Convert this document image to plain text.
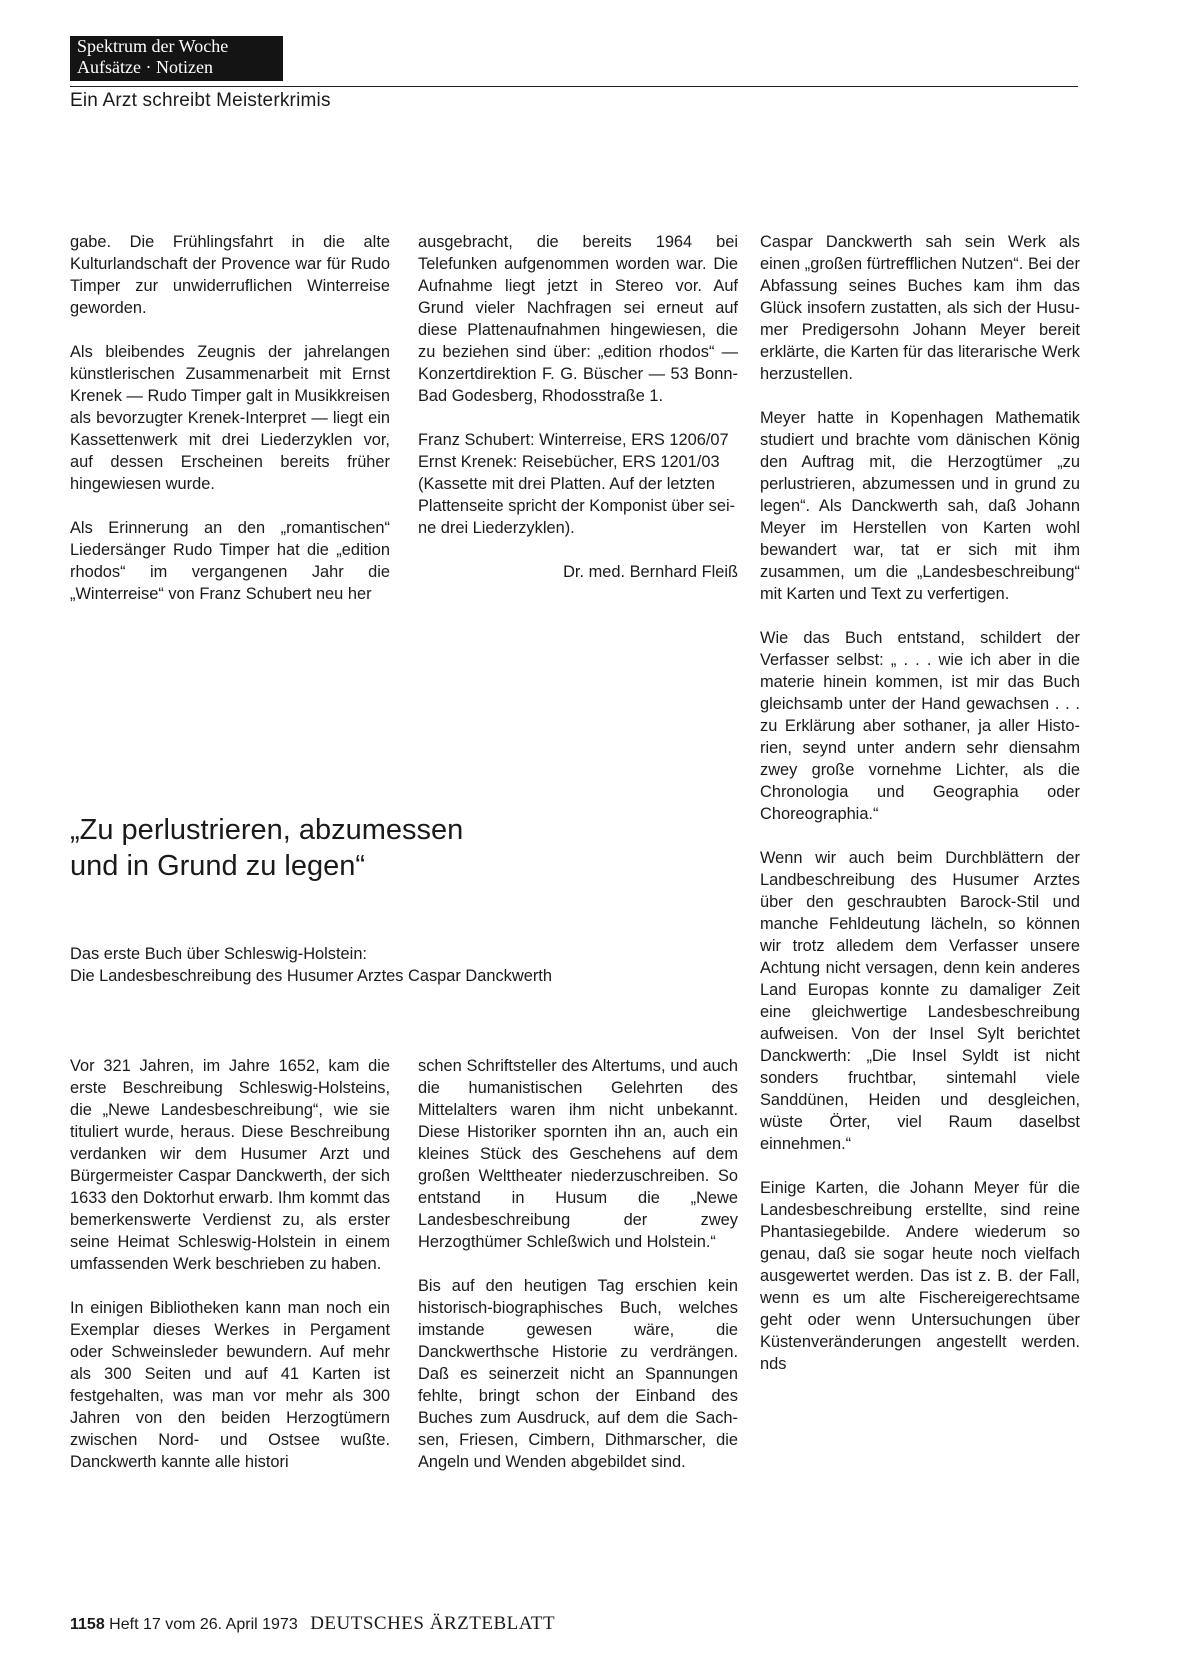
Spektrum der Woche
Aufsätze · Notizen
Ein Arzt schreibt Meisterkrimis

gabe. Die Frühlingsfahrt in die alte Kulturlandschaft der Provence war für Rudo Timper zur unwiderruflichen Winterreise geworden.

Als bleibendes Zeugnis der jahrelangen künstlerischen Zusammenarbeit mit Ernst Krenek — Rudo Timper galt in Musikkreisen als bevorzugter Krenek-Interpret — liegt ein Kassettenwerk mit drei Liederzyklen vor, auf dessen Erscheinen bereits früher hingewiesen wurde.

Als Erinnerung an den „romantischen“ Liedersänger Rudo Timper hat die „edition rhodos“ im vergangenen Jahr die „Winterreise“ von Franz Schubert neu her

ausgebracht, die bereits 1964 bei Telefunken aufgenommen worden war. Die Aufnahme liegt jetzt in Stereo vor. Auf Grund vieler Nachfragen sei erneut auf diese Plattenaufnahmen hingewiesen, die zu beziehen sind über: „edition rhodos“ — Konzertdirektion F. G. Büscher — 53 Bonn-Bad Godesberg, Rhodosstraße 1.

Franz Schubert: Winterreise, ERS 1206/07 Ernst Krenek: Reisebücher, ERS 1201/03 (Kassette mit drei Platten. Auf der letzten Plattenseite spricht der Komponist über seine drei Liederzyklen).

Dr. med. Bernhard Fleiß

„Zu perlustrieren, abzumessen
und in Grund zu legen“
Das erste Buch über Schleswig-Holstein:
Die Landesbeschreibung des Husumer Arztes Caspar Danckwerth

Vor 321 Jahren, im Jahre 1652, kam die erste Beschreibung Schleswig-Holsteins, die „Newe Landesbeschreibung“, wie sie tituliert wurde, heraus. Diese Beschreibung verdanken wir dem Husumer Arzt und Bürgermeister Caspar Danckwerth, der sich 1633 den Doktorhut erwarb. Ihm kommt das bemerkenswerte Verdienst zu, als erster seine Heimat Schleswig-Holstein in einem umfassenden Werk beschrieben zu haben.

In einigen Bibliotheken kann man noch ein Exemplar dieses Werkes in Pergament oder Schweinsleder bewundern. Auf mehr als 300 Seiten und auf 41 Karten ist festgehalten, was man vor mehr als 300 Jahren von den beiden Herzogtümern zwischen Nord- und Ostsee wußte. Danckwerth kannte alle histori

schen Schriftsteller des Altertums, und auch die humanistischen Gelehrten des Mittelalters waren ihm nicht unbekannt. Diese Historiker spornten ihn an, auch ein kleines Stück des Geschehens auf dem großen Welttheater niederzuschreiben. So entstand in Husum die „Newe Landesbeschreibung der zwey Herzogthümer Schleßwich und Holstein.“

Bis auf den heutigen Tag erschien kein historisch-biographisches Buch, welches imstande gewesen wäre, die Danckwerthsche Historie zu verdrängen. Daß es seinerzeit nicht an Spannungen fehlte, bringt schon der Einband des Buches zum Ausdruck, auf dem die Sachsen, Friesen, Cimbern, Dithmarscher, die Angeln und Wenden abgebildet sind.

Caspar Danckwerth sah sein Werk als einen „großen fürtrefflichen Nutzen“. Bei der Abfassung seines Buches kam ihm das Glück insofern zustatten, als sich der Husumer Predigersohn Johann Meyer bereit erklärte, die Karten für das literarische Werk herzustellen.

Meyer hatte in Kopenhagen Mathematik studiert und brachte vom dänischen König den Auftrag mit, die Herzogtümer „zu perlustrieren, abzumessen und in grund zu legen“. Als Danckwerth sah, daß Johann Meyer im Herstellen von Karten wohl bewandert war, tat er sich mit ihm zusammen, um die „Landesbeschreibung“ mit Karten und Text zu verfertigen.

Wie das Buch entstand, schildert der Verfasser selbst: „ . . . wie ich aber in die materie hinein kommen, ist mir das Buch gleichsamb unter der Hand gewachsen . . . zu Erklärung aber sothaner, ja aller Historien, seynd unter andern sehr diensahm zwey große vornehme Lichter, als die Chronologia und Geographia oder Choreographia.“

Wenn wir auch beim Durchblättern der Landbeschreibung des Husumer Arztes über den geschraubten Barock-Stil und manche Fehldeutung lächeln, so können wir trotz alledem dem Verfasser unsere Achtung nicht versagen, denn kein anderes Land Europas konnte zu damaliger Zeit eine gleichwertige Landesbeschreibung aufweisen. Von der Insel Sylt berichtet Danckwerth: „Die Insel Syldt ist nicht sonders fruchtbar, sintemahl viele Sanddünen, Heiden und desgleichen, wüste Örter, viel Raum daselbst einnehmen.“

Einige Karten, die Johann Meyer für die Landesbeschreibung erstellte, sind reine Phantasiegebilde. Andere wiederum so genau, daß sie sogar heute noch vielfach ausgewertet werden. Das ist z. B. der Fall, wenn es um alte Fischereigerechtsame geht oder wenn Untersuchungen über Küstenveränderungen angestellt werden. nds

1158 Heft 17 vom 26. April 1973 DEUTSCHES ÄRZTEBLATT
